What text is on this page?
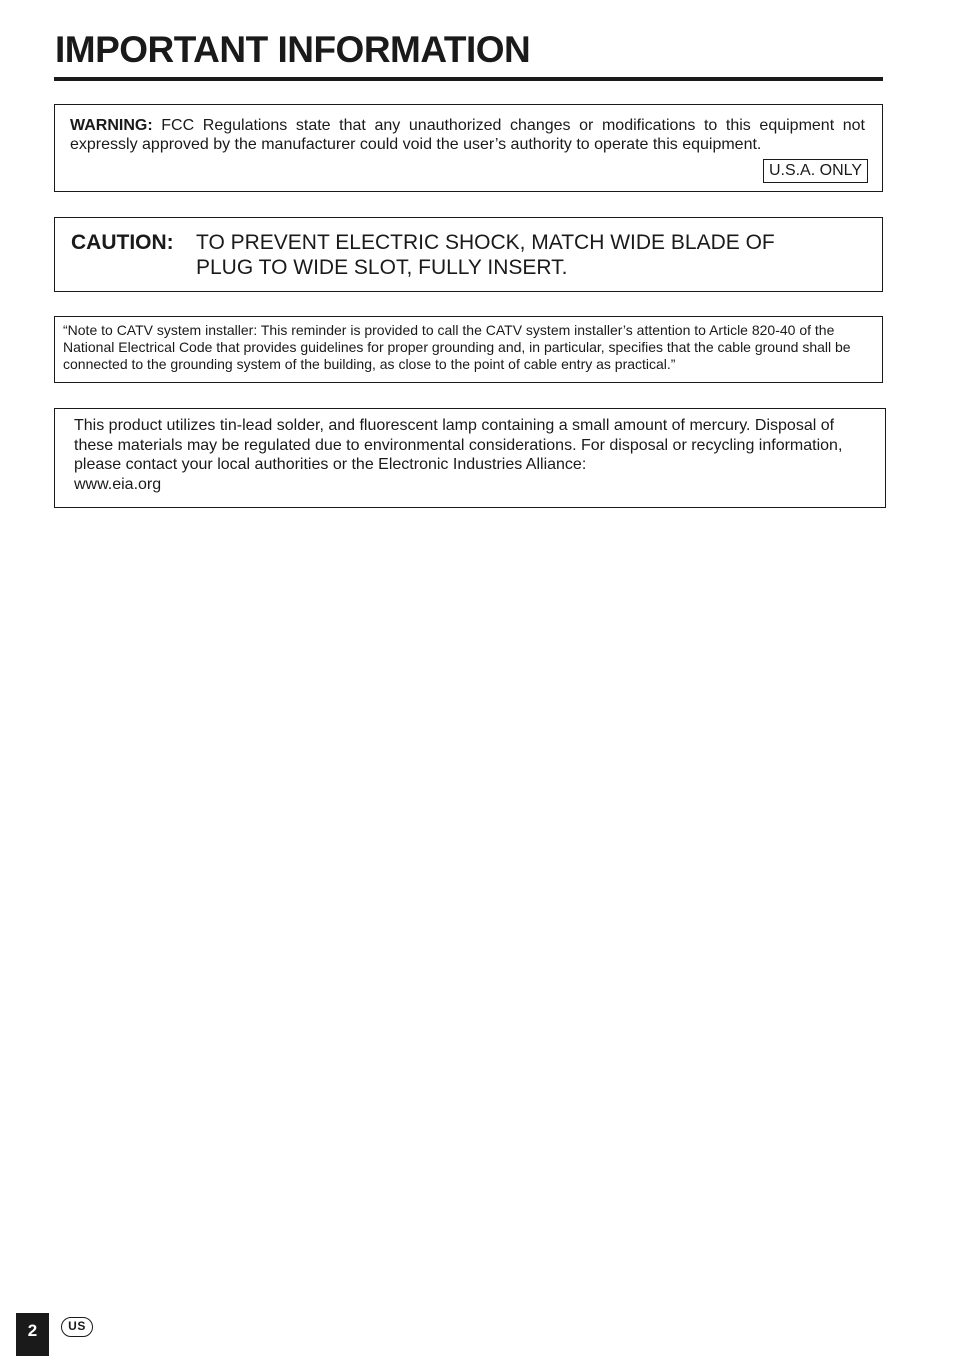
IMPORTANT INFORMATION
WARNING: FCC Regulations state that any unauthorized changes or modifications to this equipment not expressly approved by the manufacturer could void the user’s authority to operate this equipment.
U.S.A. ONLY
CAUTION: TO PREVENT ELECTRIC SHOCK, MATCH WIDE BLADE OF
PLUG TO WIDE SLOT, FULLY INSERT.
“Note to CATV system installer: This reminder is provided to call the CATV system installer’s attention to Article 820-40 of the National Electrical Code that provides guidelines for proper grounding and, in particular, specifies that the cable ground shall be connected to the grounding system of the building, as close to the point of cable entry as practical.”
This product utilizes tin-lead solder, and fluorescent lamp containing a small amount of mercury. Disposal of these materials may be regulated due to environmental considerations. For disposal or recycling information, please contact your local authorities or the Electronic Industries Alliance:
www.eia.org
2	US
